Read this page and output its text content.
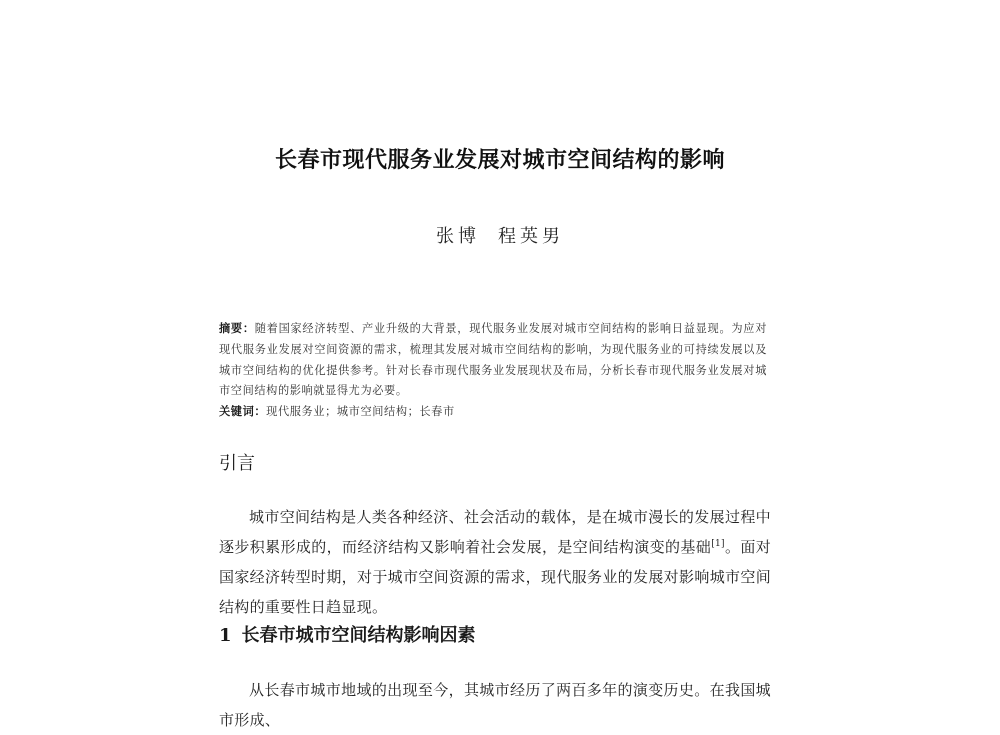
长春市现代服务业发展对城市空间结构的影响
张博 程英男
摘要：随着国家经济转型、产业升级的大背景，现代服务业发展对城市空间结构的影响日益显现。为应对现代服务业发展对空间资源的需求，梳理其发展对城市空间结构的影响，为现代服务业的可持续发展以及城市空间结构的优化提供参考。针对长春市现代服务业发展现状及布局，分析长春市现代服务业发展对城市空间结构的影响就显得尤为必要。
关键词：现代服务业；城市空间结构；长春市
引言
城市空间结构是人类各种经济、社会活动的载体，是在城市漫长的发展过程中逐步积累形成的，而经济结构又影响着社会发展，是空间结构演变的基础[1]。面对国家经济转型时期，对于城市空间资源的需求，现代服务业的发展对影响城市空间结构的重要性日趋显现。
1 长春市城市空间结构影响因素
从长春市城市地域的出现至今，其城市经历了两百多年的演变历史。在我国城市形成、
